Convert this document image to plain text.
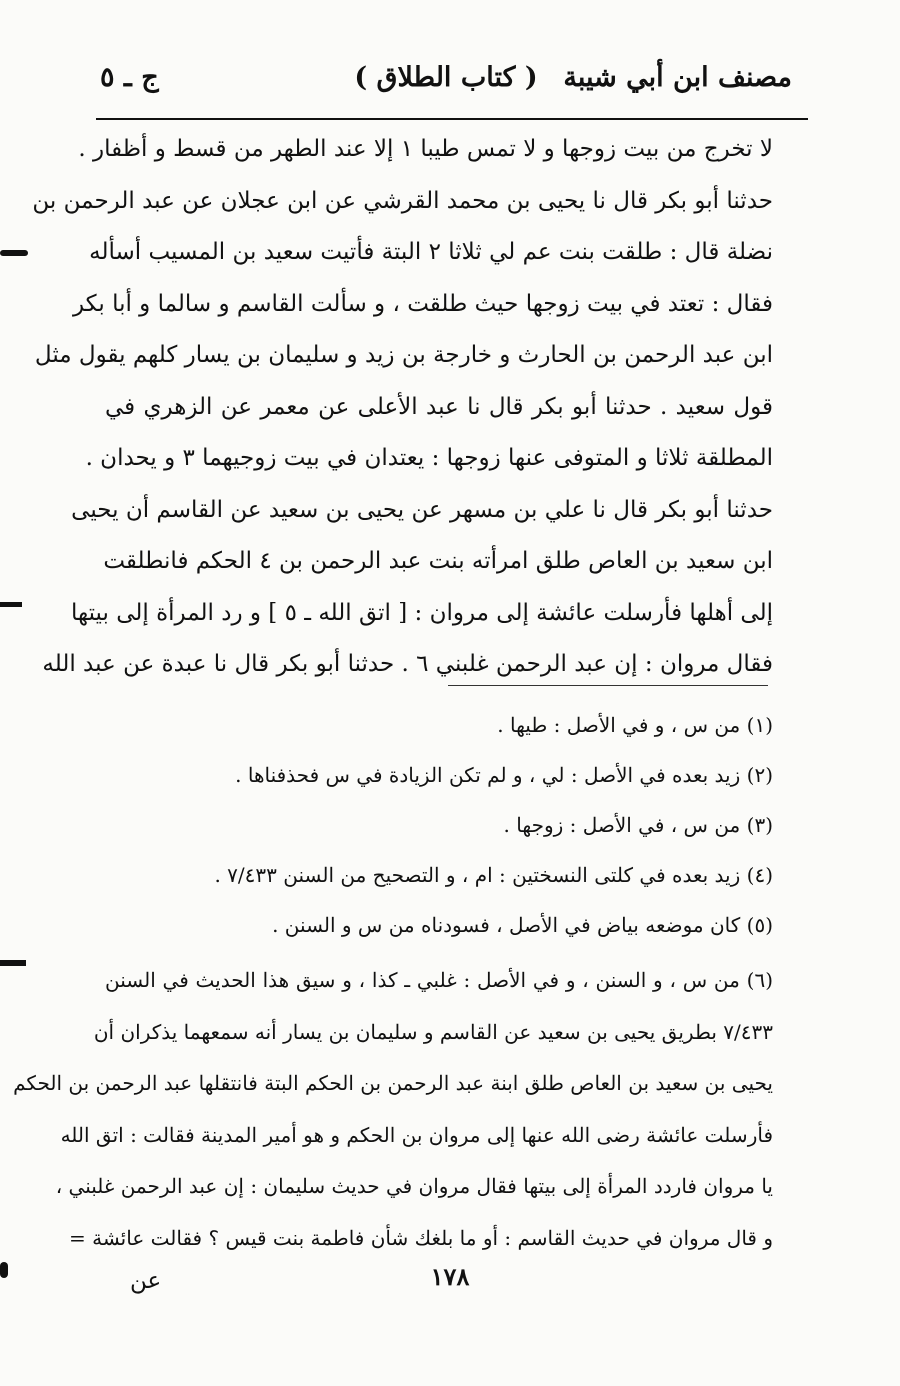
مصنف ابن أبي شيبة
( كتاب الطلاق )
ج ـ ٥
لا تخرج من بيت زوجها و لا تمس طيبا ١ إلا عند الطهر من قسط و أظفار .
حدثنا أبو بكر قال نا يحيى بن محمد القرشي عن ابن عجلان عن عبد الرحمن بن
نضلة قال : طلقت بنت عم لي ثلاثا ٢ البتة فأتيت سعيد بن المسيب أسأله
فقال : تعتد في بيت زوجها حيث طلقت ، و سألت القاسم و سالما و أبا بكر
ابن عبد الرحمن بن الحارث و خارجة بن زيد و سليمان بن يسار كلهم يقول مثل
قول سعيد . حدثنا أبو بكر قال نا عبد الأعلى عن معمر عن الزهري في
المطلقة ثلاثا و المتوفى عنها زوجها : يعتدان في بيت زوجيهما ٣ و يحدان .
حدثنا أبو بكر قال نا علي بن مسهر عن يحيى بن سعيد عن القاسم أن يحيى
ابن سعيد بن العاص طلق امرأته بنت عبد الرحمن بن ٤ الحكم فانطلقت
إلى أهلها فأرسلت عائشة إلى مروان : [ اتق الله ـ ٥ ] و رد المرأة إلى بيتها
فقال مروان : إن عبد الرحمن غلبني ٦ . حدثنا أبو بكر قال نا عبدة عن عبد الله
(١) من س ، و في الأصل : طيها .
(٢) زيد بعده في الأصل : لي ، و لم تكن الزيادة في س فحذفناها .
(٣) من س ، في الأصل : زوجها .
(٤) زيد بعده في كلتى النسختين : ام ، و التصحيح من السنن ٧/٤٣٣ .
(٥) كان موضعه بياض في الأصل ، فسودناه من س و السنن .
(٦) من س ، و السنن ، و في الأصل : غلبي ـ كذا ، و سيق هذا الحديث في السنن
٧/٤٣٣ بطريق يحيى بن سعيد عن القاسم و سليمان بن يسار أنه سمعهما يذكران أن
يحيى بن سعيد بن العاص طلق ابنة عبد الرحمن بن الحكم البتة فانتقلها عبد الرحمن بن الحكم
فأرسلت عائشة رضى الله عنها إلى مروان بن الحكم و هو أمير المدينة فقالت : اتق الله
يا مروان فاردد المرأة إلى بيتها فقال مروان في حديث سليمان : إن عبد الرحمن غلبني ،
و قال مروان في حديث القاسم : أو ما بلغك شأن فاطمة بنت قيس ؟ فقالت عائشة =
١٧٨
عن
